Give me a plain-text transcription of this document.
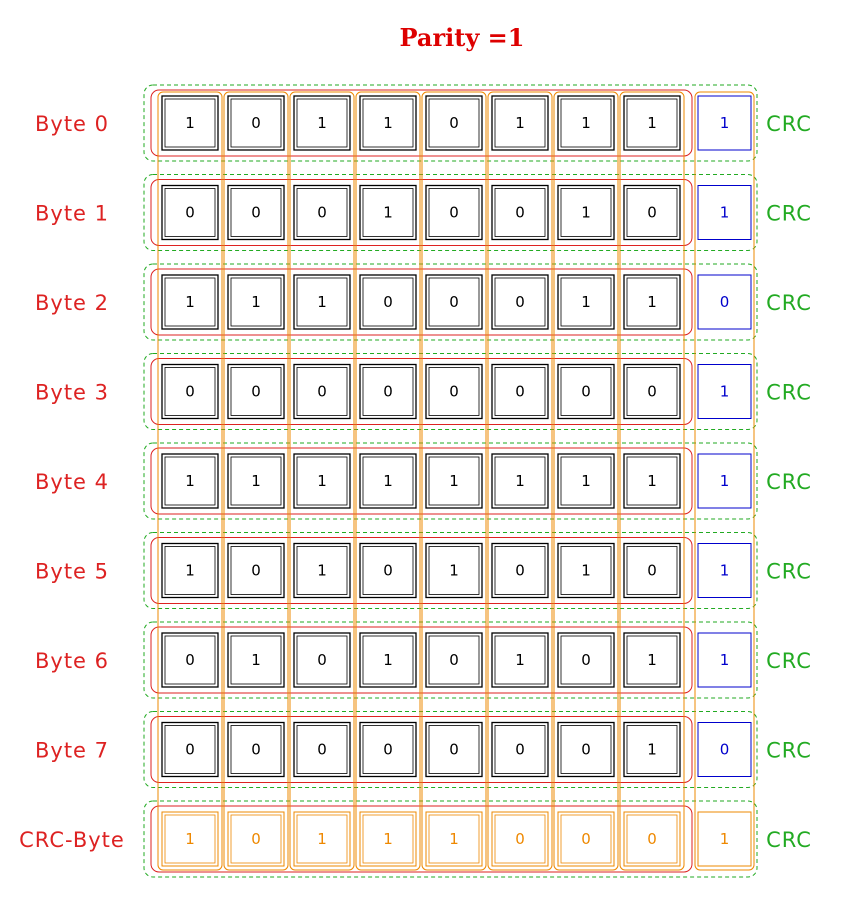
Parity =1
Byte 0	1	0	1	1	0	1	1	1	1 CRC
Byte 1	0	0	0	1	0	0	1	0	1 CRC
Byte 2	1	1	1	0	0	0	1	1	0 CRC
Byte 3	0	0	0	0	0	0	0	0	1 CRC
Byte 4	1	1	1	1	1	1	1	1	1 CRC
Byte 5	1	0	1	0	1	0	1	0	1 CRC
Byte 6	0	1	0	1	0	1	0	1	1 CRC
Byte 7	0	0	0	0	0	0	0	1	0 CRC
CRC-Byte	1	0	1	1	1	0	0	0	1 CRC
